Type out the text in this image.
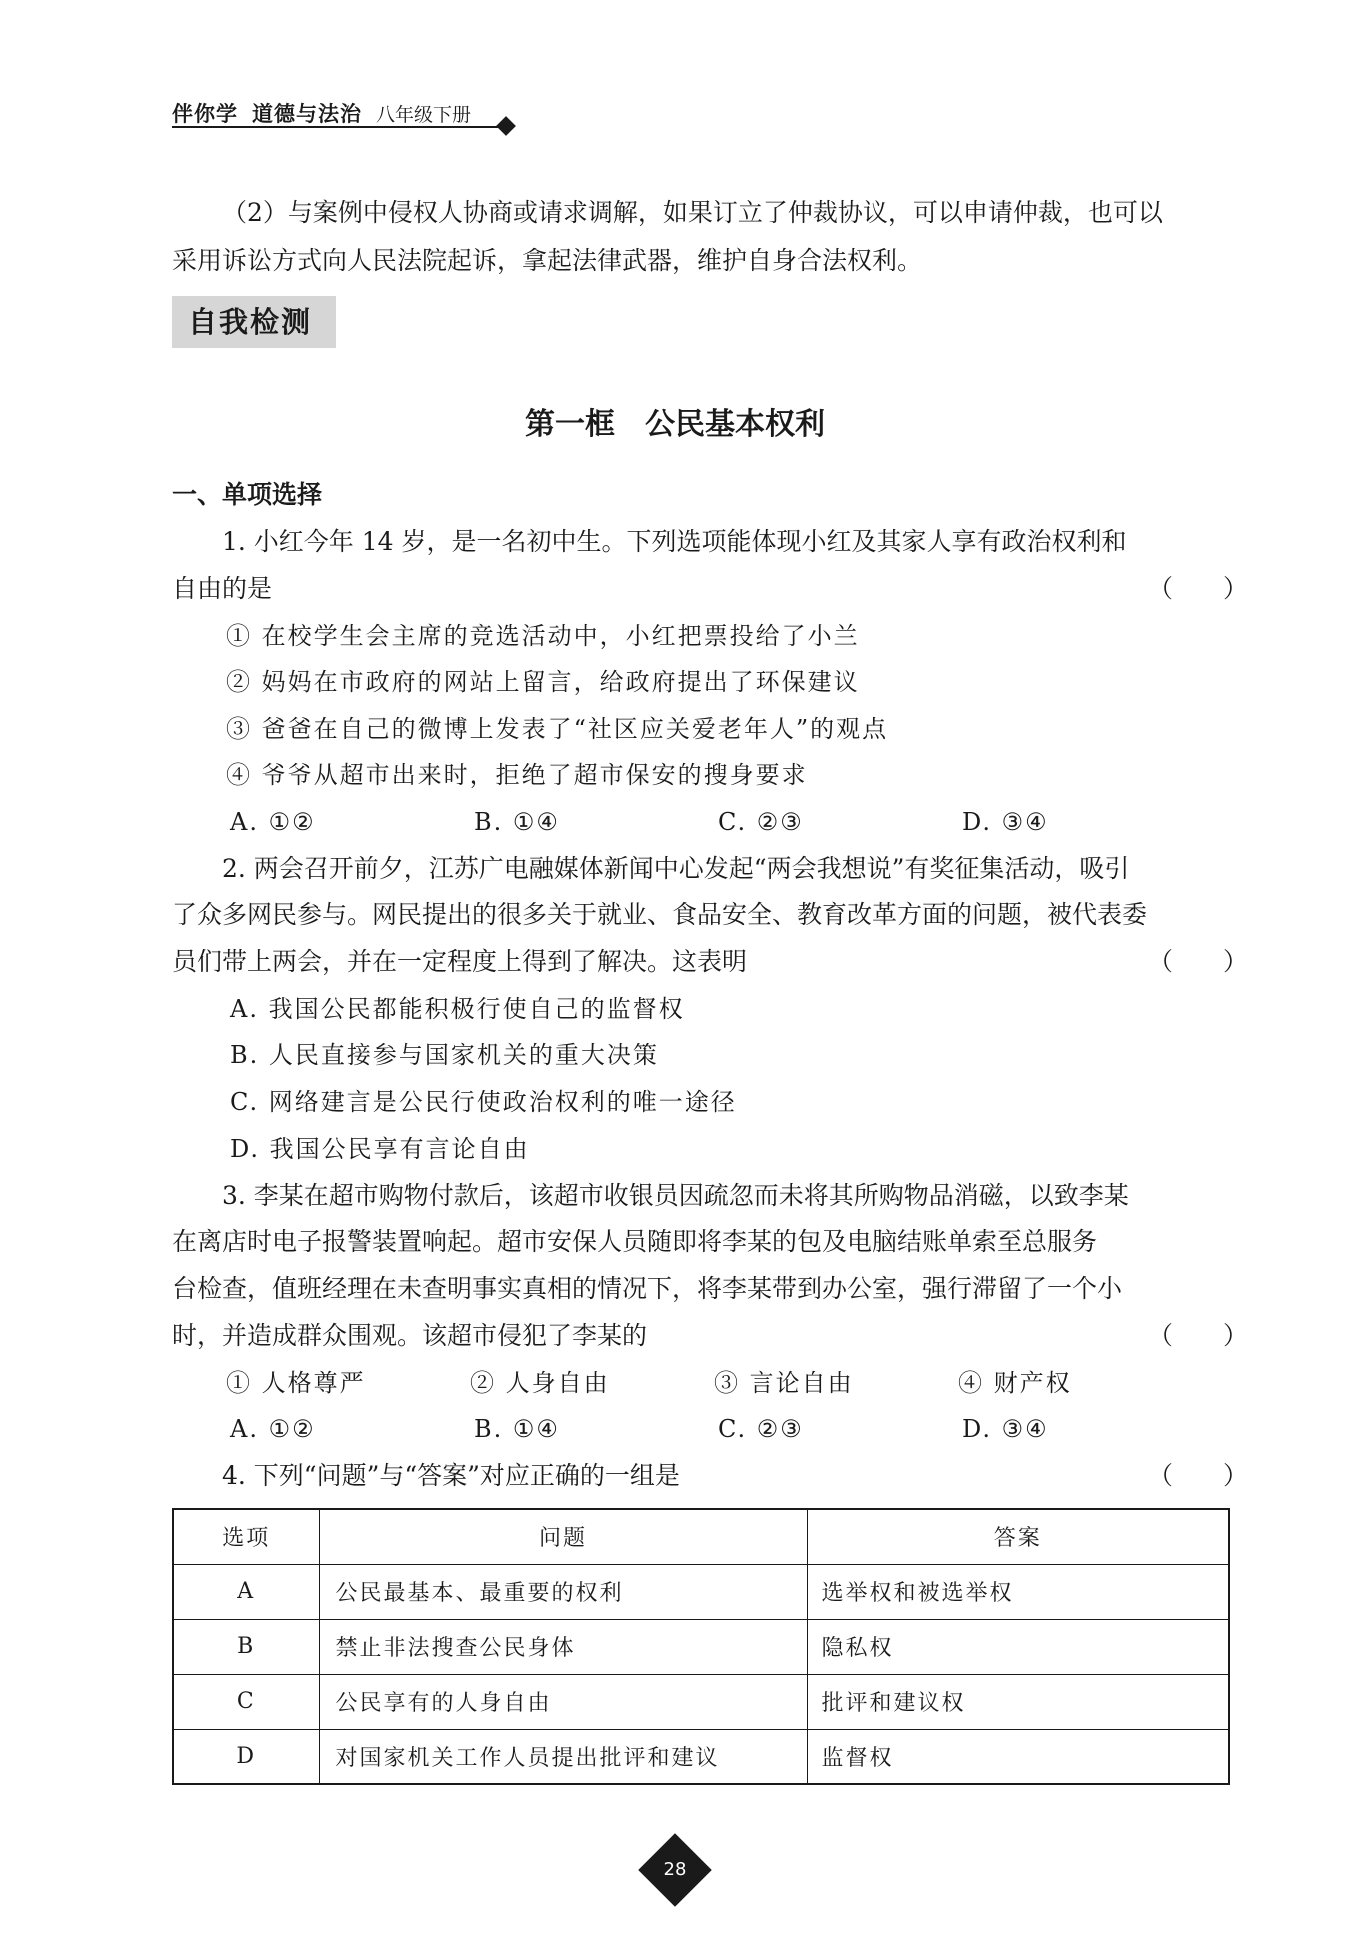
伴你学 道德与法治 八年级下册
（2）与案例中侵权人协商或请求调解，如果订立了仲裁协议，可以申请仲裁，也可以
采用诉讼方式向人民法院起诉，拿起法律武器，维护自身合法权利。
自我检测
第一框　公民基本权利
一、单项选择
1. 小红今年 14 岁，是一名初中生。下列选项能体现小红及其家人享有政治权利和
自由的是	（　　）
① 在校学生会主席的竞选活动中，小红把票投给了小兰
② 妈妈在市政府的网站上留言，给政府提出了环保建议
③ 爸爸在自己的微博上发表了“社区应关爱老年人”的观点
④ 爷爷从超市出来时，拒绝了超市保安的搜身要求
A. ①②	B. ①④	C. ②③	D. ③④
2. 两会召开前夕，江苏广电融媒体新闻中心发起“两会我想说”有奖征集活动，吸引
了众多网民参与。网民提出的很多关于就业、食品安全、教育改革方面的问题，被代表委
员们带上两会，并在一定程度上得到了解决。这表明	（　　）
A. 我国公民都能积极行使自己的监督权
B. 人民直接参与国家机关的重大决策
C. 网络建言是公民行使政治权利的唯一途径
D. 我国公民享有言论自由
3. 李某在超市购物付款后，该超市收银员因疏忽而未将其所购物品消磁，以致李某
在离店时电子报警装置响起。超市安保人员随即将李某的包及电脑结账单索至总服务
台检查，值班经理在未查明事实真相的情况下，将李某带到办公室，强行滞留了一个小
时，并造成群众围观。该超市侵犯了李某的	（　　）
① 人格尊严	② 人身自由	③ 言论自由	④ 财产权
A. ①②	B. ①④	C. ②③	D. ③④
4. 下列“问题”与“答案”对应正确的一组是	（　　）
选项	问题	答案
A	公民最基本、最重要的权利	选举权和被选举权
B	禁止非法搜查公民身体	隐私权
C	公民享有的人身自由	批评和建议权
D	对国家机关工作人员提出批评和建议	监督权
28
